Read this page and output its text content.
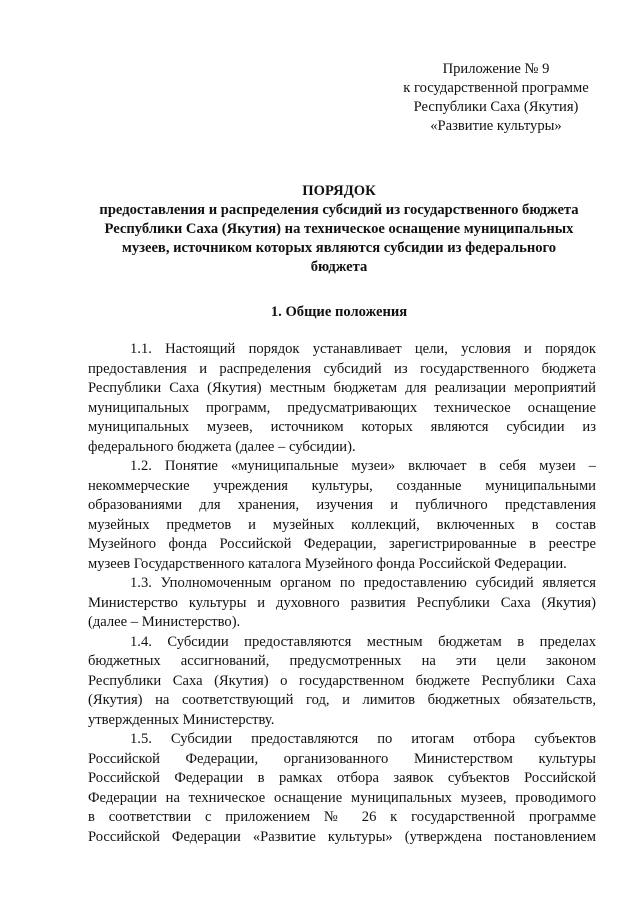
Приложение № 9
к государственной программе
Республики Саха (Якутия)
«Развитие культуры»
ПОРЯДОК
предоставления и распределения субсидий из государственного бюджета
Республики Саха (Якутия) на техническое оснащение муниципальных
музеев, источником которых являются субсидии из федерального
бюджета
1. Общие положения
1.1. Настоящий порядок устанавливает цели, условия и порядок
предоставления и распределения субсидий из государственного бюджета
Республики Саха (Якутия) местным бюджетам для реализации мероприятий
муниципальных программ, предусматривающих техническое оснащение
муниципальных музеев, источником которых являются субсидии из
федерального бюджета (далее – субсидии).
1.2. Понятие «муниципальные музеи» включает в себя музеи –
некоммерческие учреждения культуры, созданные муниципальными
образованиями для хранения, изучения и публичного представления
музейных предметов и музейных коллекций, включенных в состав
Музейного фонда Российской Федерации, зарегистрированные в реестре
музеев Государственного каталога Музейного фонда Российской Федерации.
1.3. Уполномоченным органом по предоставлению субсидий является
Министерство культуры и духовного развития Республики Саха (Якутия)
(далее – Министерство).
1.4. Субсидии предоставляются местным бюджетам в пределах
бюджетных ассигнований, предусмотренных на эти цели законом
Республики Саха (Якутия) о государственном бюджете Республики Саха
(Якутия) на соответствующий год, и лимитов бюджетных обязательств,
утвержденных Министерству.
1.5. Субсидии предоставляются по итогам отбора субъектов
Российской Федерации, организованного Министерством культуры
Российской Федерации в рамках отбора заявок субъектов Российской
Федерации на техническое оснащение муниципальных музеев, проводимого
в соответствии с приложением № 26 к государственной программе
Российской Федерации «Развитие культуры» (утверждена постановлением
